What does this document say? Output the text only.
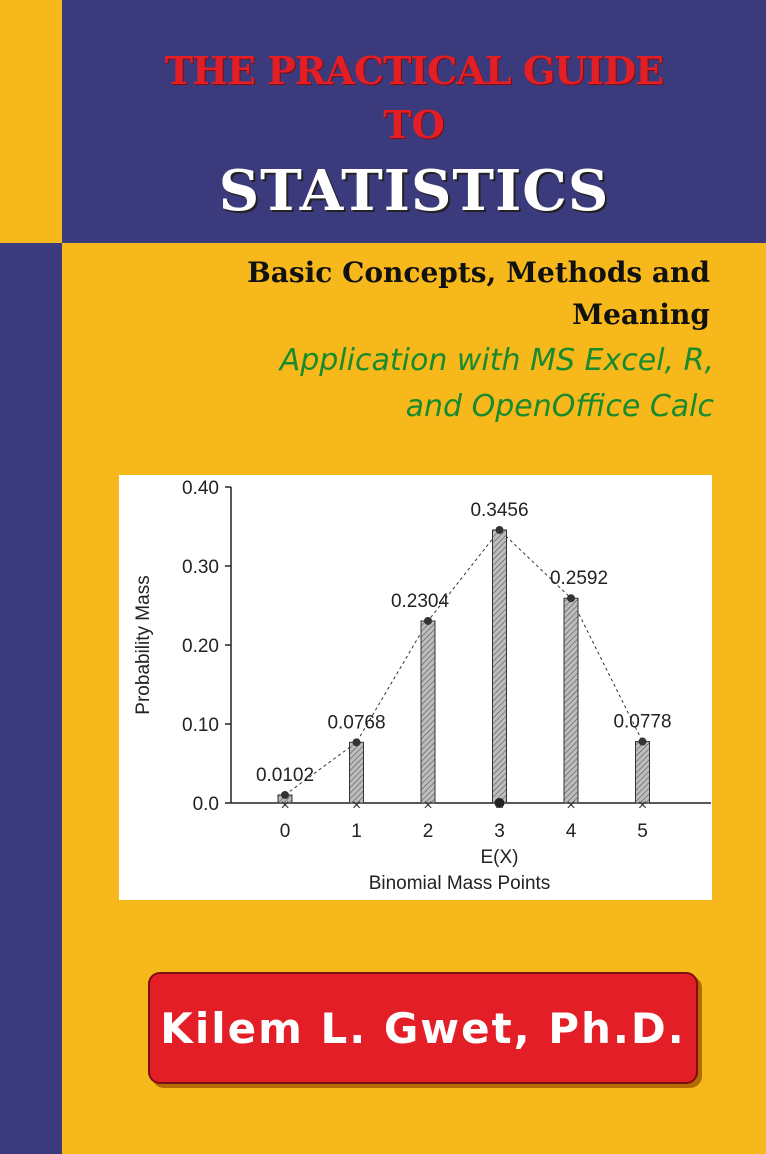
THE PRACTICAL GUIDE
TO
STATISTICS
Basic Concepts, Methods and
Meaning
Application with MS Excel, R,
and OpenOffice Calc
0.0
0.10
0.20
0.30
0.40
Probability Mass
×
0
×
1
×
2	3
×
4
×
5
0.0102
0.0768
0.2304
0.3456
0.2592
0.0778
E(X)
Binomial Mass Points
Kilem L. Gwet, Ph.D.
